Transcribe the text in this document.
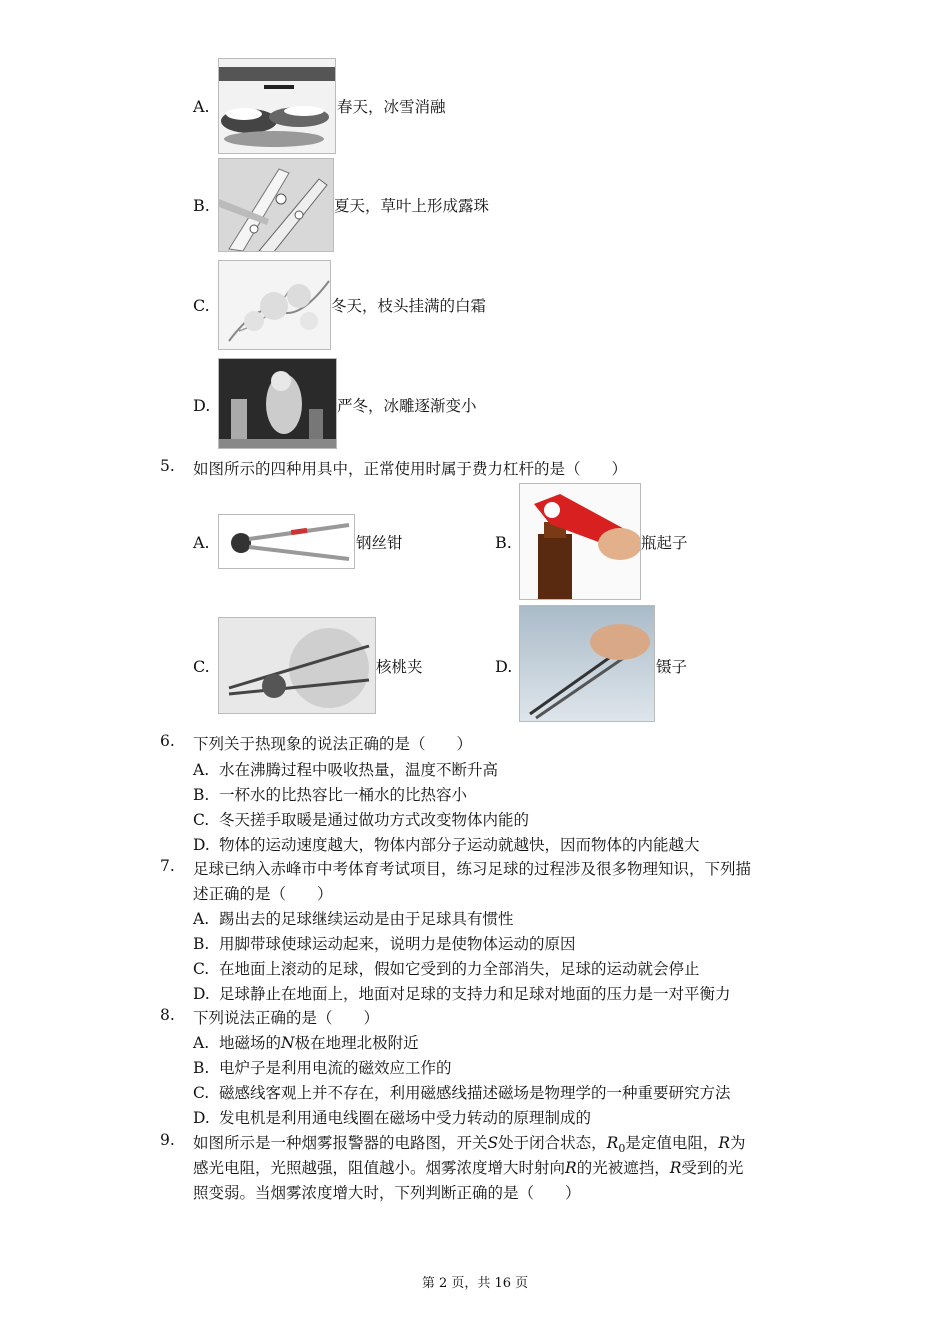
A.	春天，冰雪消融
B.	夏天，草叶上形成露珠
C.	冬天，枝头挂满的白霜
D.	严冬，冰雕逐渐变小
5. 如图所示的四种用具中，正常使用时属于费力杠杆的是（　　）
A.	钢丝钳	B.	瓶起子
C.	核桃夹	D.	镊子
6. 下列关于热现象的说法正确的是（　　）
A. 水在沸腾过程中吸收热量，温度不断升高
B. 一杯水的比热容比一桶水的比热容小
C. 冬天搓手取暖是通过做功方式改变物体内能的
D. 物体的运动速度越大，物体内部分子运动就越快，因而物体的内能越大
7. 足球已纳入赤峰市中考体育考试项目，练习足球的过程涉及很多物理知识，下列描
述正确的是（　　）
A. 踢出去的足球继续运动是由于足球具有惯性
B. 用脚带球使球运动起来，说明力是使物体运动的原因
C. 在地面上滚动的足球，假如它受到的力全部消失，足球的运动就会停止
D. 足球静止在地面上，地面对足球的支持力和足球对地面的压力是一对平衡力
8. 下列说法正确的是（　　）
A. 地磁场的N极在地理北极附近
B. 电炉子是利用电流的磁效应工作的
C. 磁感线客观上并不存在，利用磁感线描述磁场是物理学的一种重要研究方法
D. 发电机是利用通电线圈在磁场中受力转动的原理制成的
9. 如图所示是一种烟雾报警器的电路图，开关S处于闭合状态，$R_0$是定值电阻，R为
感光电阻，光照越强，阻值越小。烟雾浓度增大时射向R的光被遮挡，R受到的光
照变弱。当烟雾浓度增大时，下列判断正确的是（　　）
第 2 页，共 16 页
